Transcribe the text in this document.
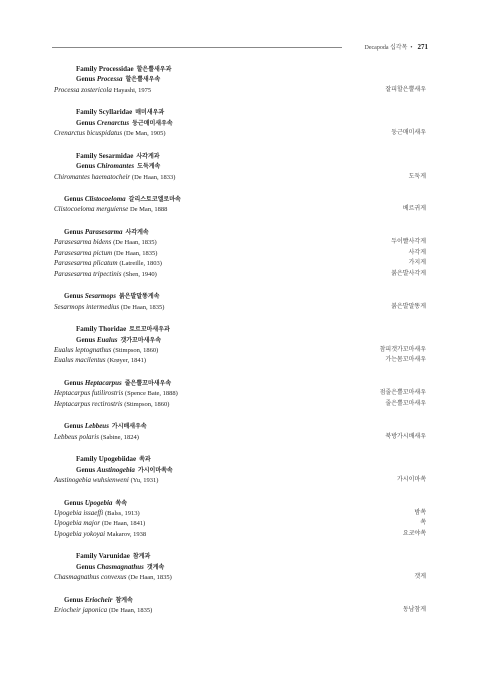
Decapoda 십각목 • 271
Family Processidae 할은뿔새우과
Genus Processa 할은뿔새우속
Processa zostericola Hayashi, 1975	잘피할은뿔새우
Family Scyllaridae 매미새우과
Genus Crenarctus 둥근매미새우속
Crenarctus bicuspidatus (De Man, 1905)	둥근매미새우
Family Sesarmidae 사각게과
Genus Chiromantes 도둑게속
Chiromantes haematocheir (De Haan, 1833)	도둑게
Genus Clistocoeloma 갈리스토코엘로마속
Clistocoeloma merguiense De Man, 1888	베르귀게
Genus Parasesarma 사각게속
Parasesarma bidens (De Haan, 1835)	두이빨사각게
Parasesarma pictum (De Haan, 1835)	사각게
Parasesarma plicatum (Latreille, 1803)	가지게
Parasesarma tripectinis (Shen, 1940)	붉은발사각게
Genus Sesarmops 붉은발말똥게속
Sesarmops intermedius (De Haan, 1835)	붉은발말똥게
Family Thoridae 토르꼬마새우과
Genus Eualus 갯가꼬마새우속
Eualus leptognathus (Stimpson, 1860)	참피갯가꼬마새우
Eualus macilentus (Krøyer, 1841)	가는몸꼬마새우
Genus Heptacarpus 줄은뿔꼬마새우속
Heptacarpus futilirostris (Spence Bate, 1888)	점줄은뿔꼬마새우
Heptacarpus rectirostris (Stimpson, 1860)	줄은뿔꼬마새우
Genus Lebbeus 가시배새우속
Lebbeus polaris (Sabine, 1824)	북방가시배새우
Family Upogebiidae 쏙과
Genus Austinogebia 가시이마쏙속
Austinogebia wuhsienweni (Yu, 1931)	가시이마쏙
Genus Upogebia 쏙속
Upogebia issaeffi (Balss, 1913)	밤쏙
Upogebia major (De Haan, 1841)	쏙
Upogebia yokoyai Makarov, 1938	요코야쏙
Family Varunidae 참게과
Genus Chasmagnathus 갯게속
Chasmagnathus convexus (De Haan, 1835)	갯게
Genus Eriocheir 참게속
Eriocheir japonica (De Haan, 1835)	동남참게
